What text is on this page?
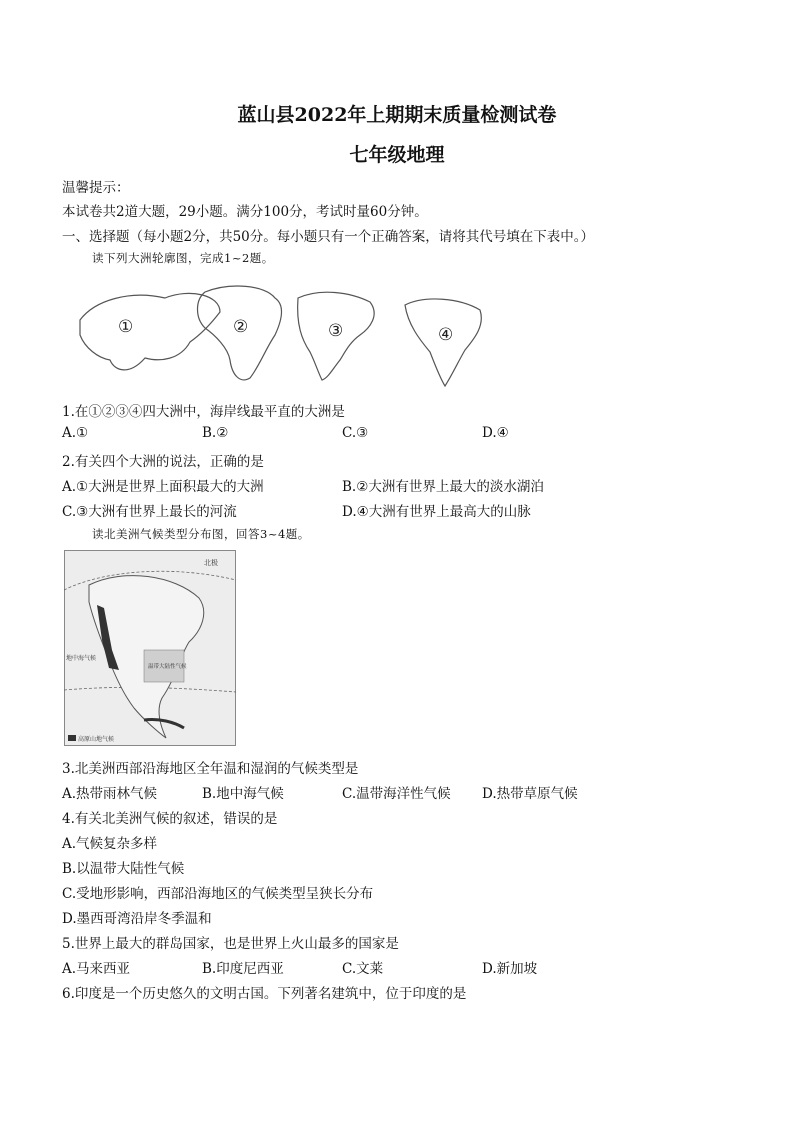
蓝山县2022年上期期末质量检测试卷
七年级地理
温馨提示：
本试卷共2道大题，29小题。满分100分，考试时量60分钟。
一、选择题（每小题2分，共50分。每小题只有一个正确答案，请将其代号填在下表中。）
读下列大洲轮廓图，完成1~2题。
①	②	③	④
1.在①②③④四大洲中，海岸线最平直的大洲是
A.①	B.②	C.③	D.④
2.有关四个大洲的说法，正确的是
A.①大洲是世界上面积最大的大洲	B.②大洲有世界上最大的淡水湖泊
C.③大洲有世界上最长的河流	D.④大洲有世界上最高大的山脉
读北美洲气候类型分布图，回答3~4题。
北极
地中海气候
温带大陆性气候
高原山地气候
3.北美洲西部沿海地区全年温和湿润的气候类型是
A.热带雨林气候	B.地中海气候	C.温带海洋性气候 D.热带草原气候
4.有关北美洲气候的叙述，错误的是
A.气候复杂多样
B.以温带大陆性气候
C.受地形影响，西部沿海地区的气候类型呈狭长分布
D.墨西哥湾沿岸冬季温和
5.世界上最大的群岛国家，也是世界上火山最多的国家是
A.马来西亚	B.印度尼西亚	C.文莱	D.新加坡
6.印度是一个历史悠久的文明古国。下列著名建筑中，位于印度的是
